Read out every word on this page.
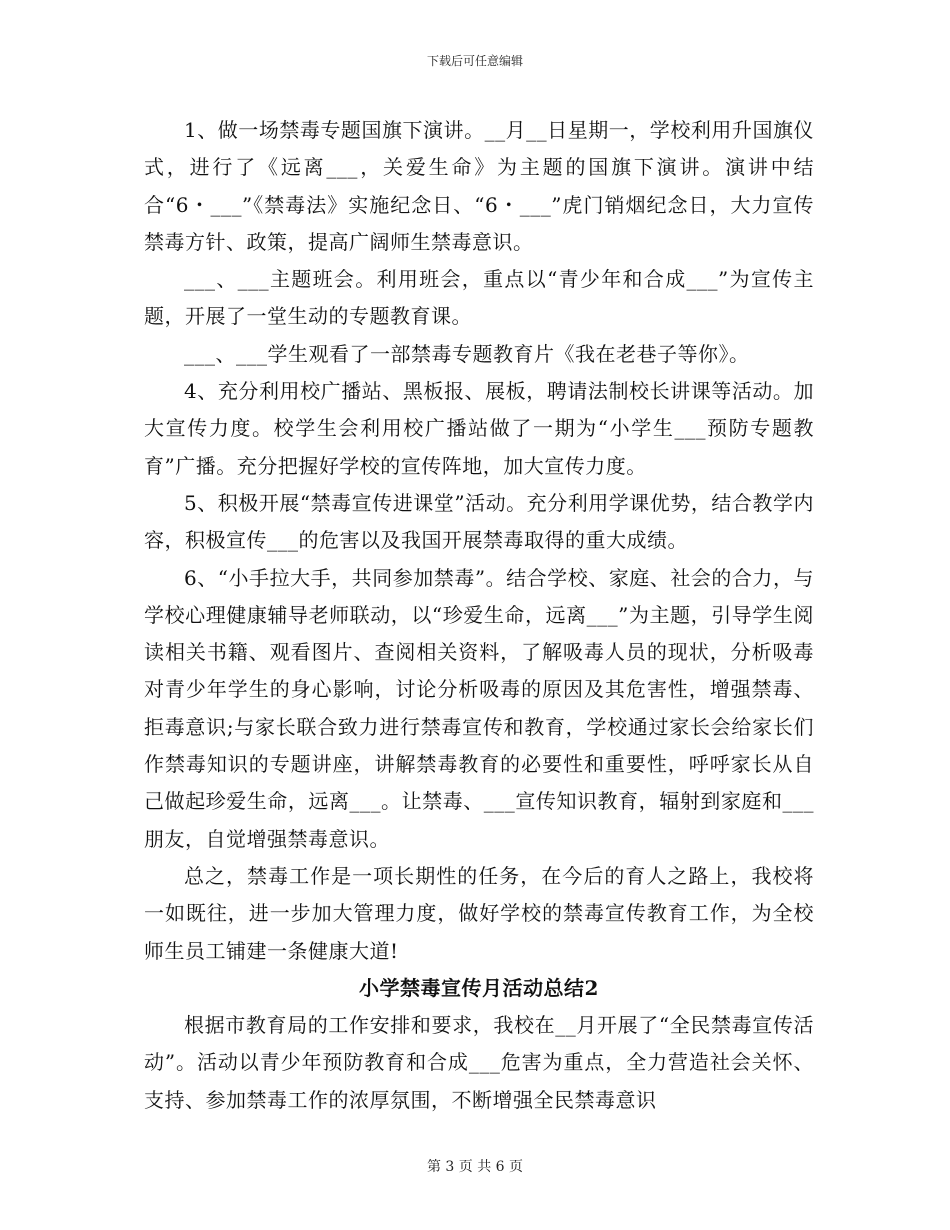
下载后可任意编辑

1、做一场禁毒专题国旗下演讲。__月__日星期一，学校利用升国旗仪式，进行了《远离___，关爱生命》为主题的国旗下演讲。演讲中结合“6・___”《禁毒法》实施纪念日、“6・___”虎门销烟纪念日，大力宣传禁毒方针、政策，提高广阔师生禁毒意识。

___、___主题班会。利用班会，重点以“青少年和合成___”为宣传主题，开展了一堂生动的专题教育课。

___、___学生观看了一部禁毒专题教育片《我在老巷子等你》。

4、充分利用校广播站、黑板报、展板，聘请法制校长讲课等活动。加大宣传力度。校学生会利用校广播站做了一期为“小学生___预防专题教育”广播。充分把握好学校的宣传阵地，加大宣传力度。

5、积极开展“禁毒宣传进课堂”活动。充分利用学课优势，结合教学内容，积极宣传___的危害以及我国开展禁毒取得的重大成绩。

6、“小手拉大手，共同参加禁毒”。结合学校、家庭、社会的合力，与学校心理健康辅导老师联动，以“珍爱生命，远离___”为主题，引导学生阅读相关书籍、观看图片、查阅相关资料，了解吸毒人员的现状，分析吸毒对青少年学生的身心影响，讨论分析吸毒的原因及其危害性，增强禁毒、拒毒意识;与家长联合致力进行禁毒宣传和教育，学校通过家长会给家长们作禁毒知识的专题讲座，讲解禁毒教育的必要性和重要性，呼呼家长从自己做起珍爱生命，远离___。让禁毒、___宣传知识教育，辐射到家庭和___朋友，自觉增强禁毒意识。

总之，禁毒工作是一项长期性的任务，在今后的育人之路上，我校将一如既往，进一步加大管理力度，做好学校的禁毒宣传教育工作，为全校师生员工铺建一条健康大道!

小学禁毒宣传月活动总结2

根据市教育局的工作安排和要求，我校在__月开展了“全民禁毒宣传活动”。活动以青少年预防教育和合成___危害为重点，全力营造社会关怀、支持、参加禁毒工作的浓厚氛围，不断增强全民禁毒意识

第 3 页 共 6 页
